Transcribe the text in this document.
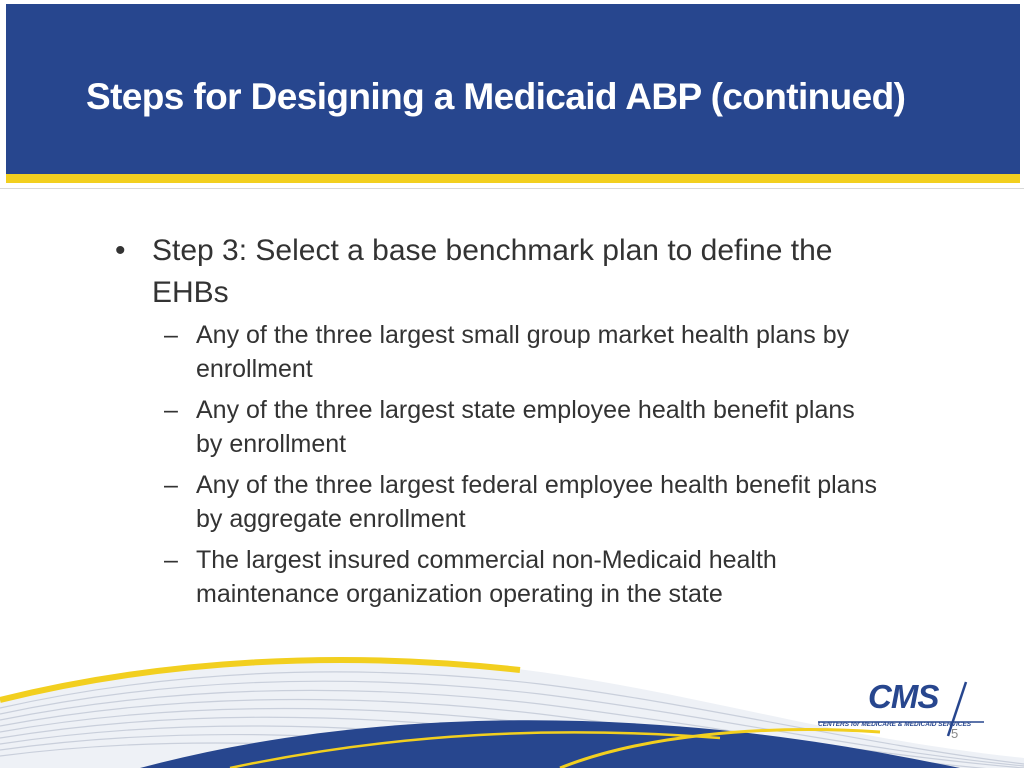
Steps for Designing a Medicaid ABP (continued)
• Step 3: Select a base benchmark plan to define the EHBs

– Any of the three largest small group market health plans by enrollment

– Any of the three largest state employee health benefit plans by enrollment

– Any of the three largest federal employee health benefit plans by aggregate enrollment

– The largest insured commercial non-Medicaid health maintenance organization operating in the state

CMS
CENTERS for MEDICARE & MEDICAID SERVICES
5
